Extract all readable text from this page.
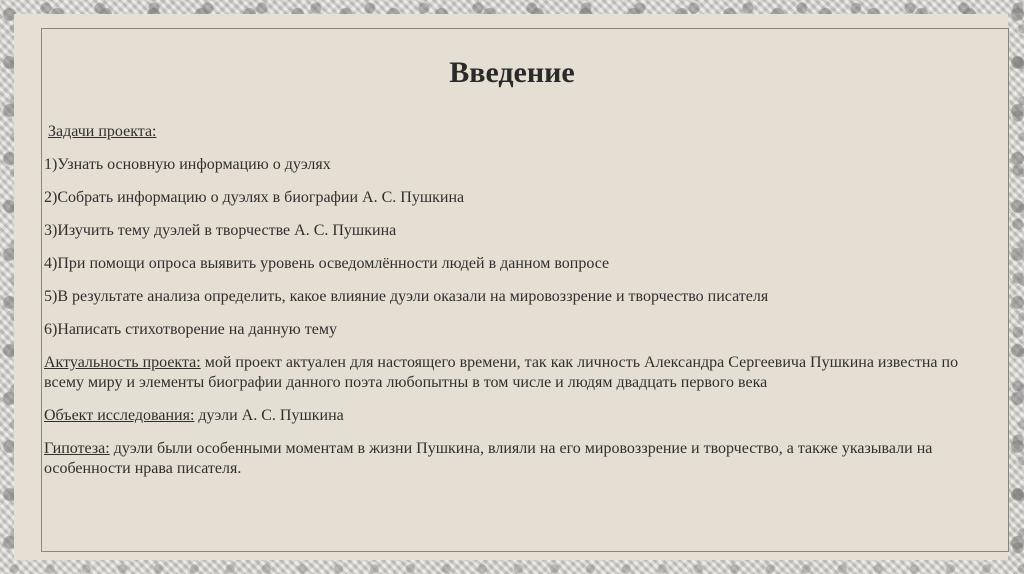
Введение

Задачи проекта:

1)Узнать основную информацию о дуэлях

2)Собрать информацию о дуэлях в биографии А. С. Пушкина

3)Изучить тему дуэлей в творчестве А. С. Пушкина

4)При помощи опроса выявить уровень осведомлённости людей в данном вопросе

5)В результате анализа определить, какое влияние дуэли оказали на мировоззрение и творчество писателя

6)Написать стихотворение на данную тему

Актуальность проекта: мой проект актуален для настоящего времени, так как личность Александра Сергеевича Пушкина известна по всему миру и элементы биографии данного поэта любопытны в том числе и людям двадцать первого века

Объект исследования: дуэли А. С. Пушкина

Гипотеза: дуэли были особенными моментам в жизни Пушкина, влияли на его мировоззрение и творчество, а также указывали на особенности нрава писателя.
